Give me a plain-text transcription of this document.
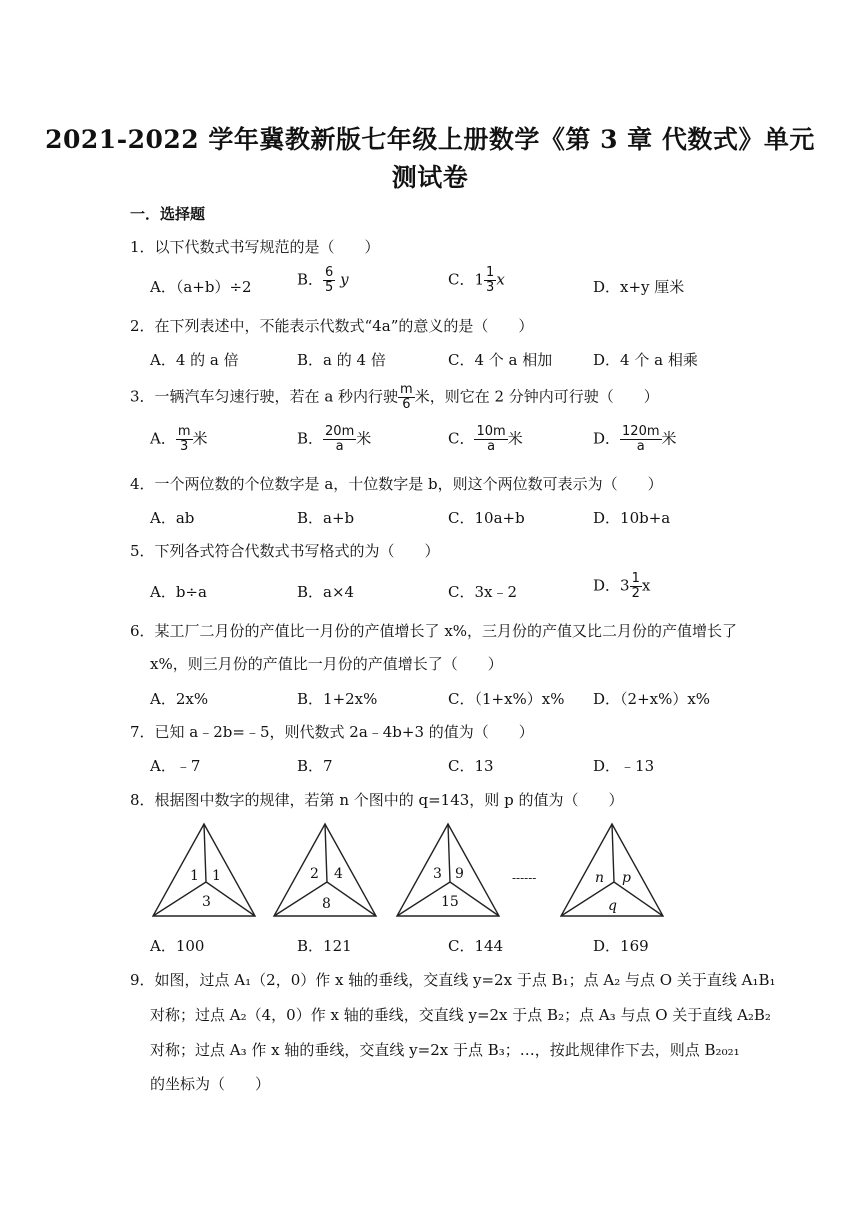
2021-2022 学年冀教新版七年级上册数学《第 3 章 代数式》单元
测试卷
一．选择题
1．以下代数式书写规范的是（　　）
A．（a+b）÷2	B． $\frac{6}{5}$ y	C．$1 \frac{1}{3}$ x	D．x+y 厘米
2．在下列表述中，不能表示代数式“4a”的意义的是（　　）
A．4 的 a 倍	B．a 的 4 倍	C．4 个 a 相加	D．4 个 a 相乘
3．一辆汽车匀速行驶，若在 a 秒内行驶 $\frac{m}{6}$ 米，则它在 2 分钟内可行驶（　　）
A． $\frac{m}{3}$ 米	B． $\frac{20m}{a}$ 米	C． $\frac{10m}{a}$ 米	D． $\frac{120m}{a}$ 米
4．一个两位数的个位数字是 a，十位数字是 b，则这个两位数可表示为（　　）
A．ab	B．a+b	C．10a+b	D．10b+a
5．下列各式符合代数式书写格式的为（　　）
A．b÷a	B．a×4	C．3x﹣2	D．$3 \frac{1}{2}$ x
6．某工厂二月份的产值比一月份的产值增长了 x%，三月份的产值又比二月份的产值增长了
x%，则三月份的产值比一月份的产值增长了（　　）
A．2x%	B．1+2x%	C．（1+x%）x% D．（2+x%）x%
7．已知 a﹣2b=﹣5，则代数式 2a﹣4b+3 的值为（　　）
A．﹣7	B．7	C．13	D．﹣13
8．根据图中数字的规律，若第 n 个图中的 q=143，则 p 的值为（　　）
1 1
3
2 4
8
3 9
15
n p
q
------
A．100	B．121	C．144	D．169
9．如图，过点 A₁（2，0）作 x 轴的垂线，交直线 y=2x 于点 B₁；点 A₂ 与点 O 关于直线 A₁B₁
对称；过点 A₂（4，0）作 x 轴的垂线，交直线 y=2x 于点 B₂；点 A₃ 与点 O 关于直线 A₂B₂
对称；过点 A₃ 作 x 轴的垂线，交直线 y=2x 于点 B₃；…，按此规律作下去，则点 B₂₀₂₁
的坐标为（　　）
